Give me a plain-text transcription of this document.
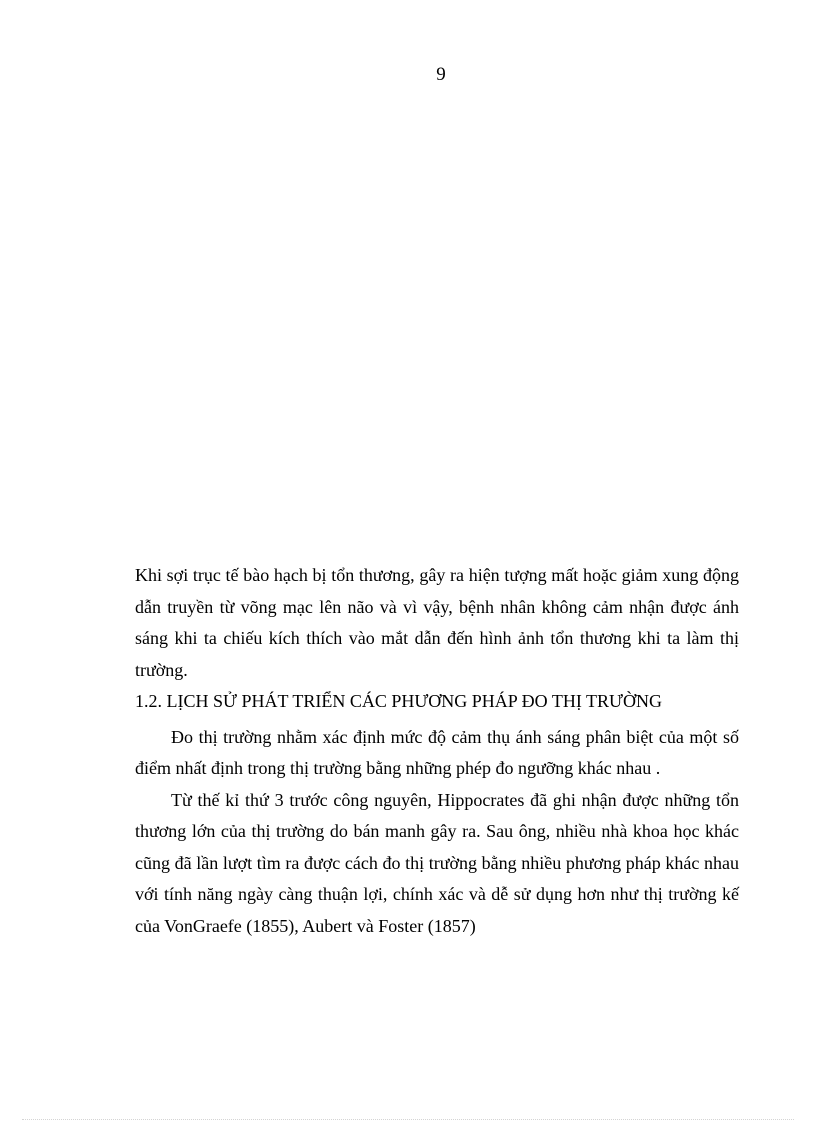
9

Khi sợi trục tế bào hạch bị tổn thương, gây ra hiện tượng mất hoặc giảm xung động dẫn truyền từ võng mạc lên não và vì vậy, bệnh nhân không cảm nhận được ánh sáng khi ta chiếu kích thích vào mắt dẫn đến hình ảnh tổn thương khi ta làm thị trường.

1.2. LỊCH SỬ PHÁT TRIỂN CÁC PHƯƠNG PHÁP ĐO THỊ TRƯỜNG

Đo thị trường nhằm xác định mức độ cảm thụ ánh sáng phân biệt của một số điểm nhất định trong thị trường bằng những phép đo ngưỡng khác nhau .

Từ thế kỉ thứ 3 trước công nguyên, Hippocrates đã ghi nhận được những tổn thương lớn của thị trường do bán manh gây ra. Sau ông, nhiều nhà khoa học khác cũng đã lần lượt tìm ra được cách đo thị trường bằng nhiều phương pháp khác nhau với tính năng ngày càng thuận lợi, chính xác và dễ sử dụng hơn như thị trường kế của VonGraefe (1855), Aubert và Foster (1857)
